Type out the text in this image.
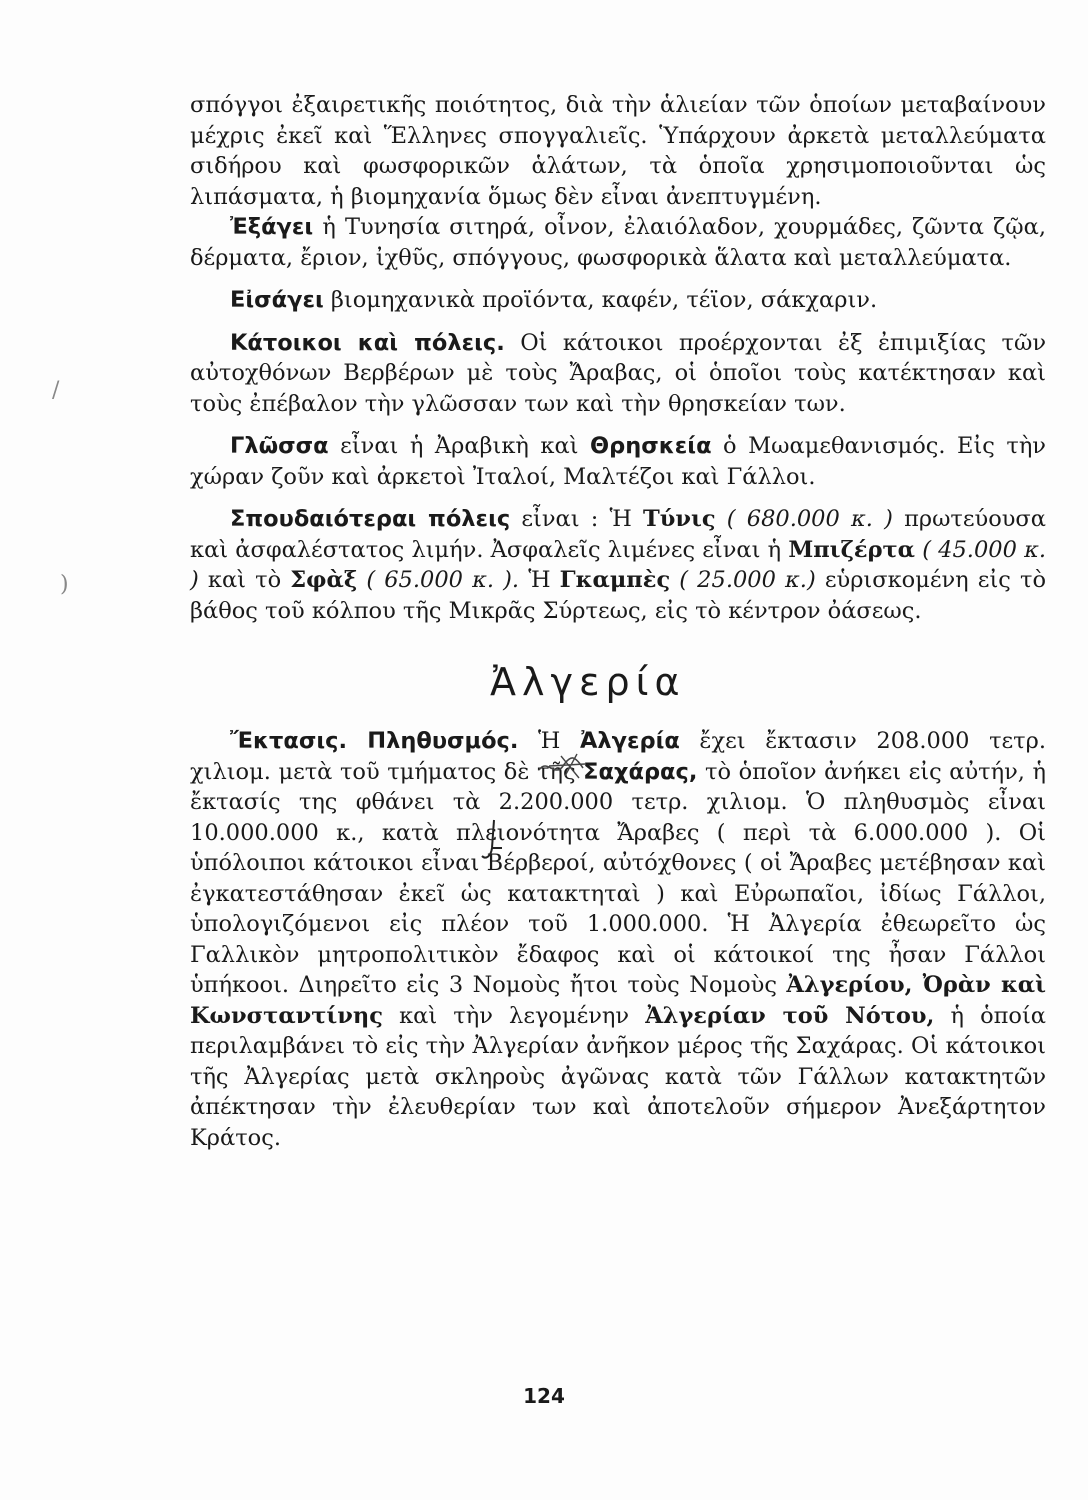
σπόγγοι ἐξαιρετικῆς ποιότητος, διὰ τὴν ἁλιείαν τῶν ὁποίων μεταβαίνουν μέχρις ἐκεῖ καὶ Ἕλληνες σπογγαλιεῖς. Ὑπάρχουν ἀρκετὰ μεταλλεύματα σιδήρου καὶ φωσφορικῶν ἁλάτων, τὰ ὁποῖα χρησιμοποιοῦνται ὡς λιπάσματα, ἡ βιομηχανία ὅμως δὲν εἶναι ἀνεπτυγμένη.

Ἐξάγει ἡ Τυνησία σιτηρά, οἶνον, ἐλαιόλαδον, χουρμάδες, ζῶντα ζῷα, δέρματα, ἔριον, ἰχθῦς, σπόγγους, φωσφορικὰ ἅλατα καὶ μεταλλεύματα.

Εἰσάγει βιομηχανικὰ προϊόντα, καφέν, τέϊον, σάκχαριν.

Κάτοικοι καὶ πόλεις. Οἱ κάτοικοι προέρχονται ἐξ ἐπιμιξίας τῶν αὐτοχθόνων Βερβέρων μὲ τοὺς Ἄραβας, οἱ ὁποῖοι τοὺς κατέκτησαν καὶ τοὺς ἐπέβαλον τὴν γλῶσσαν των καὶ τὴν θρησκείαν των.

Γλῶσσα εἶναι ἡ Ἀραβικὴ καὶ Θρησκεία ὁ Μωαμεθανισμός. Εἰς τὴν χώραν ζοῦν καὶ ἀρκετοὶ Ἰταλοί, Μαλτέζοι καὶ Γάλλοι.

Σπουδαιότεραι πόλεις εἶναι : Ἡ Τύνις ( 680.000 κ. ) πρωτεύουσα καὶ ἀσφαλέστατος λιμήν. Ἀσφαλεῖς λιμένες εἶναι ἡ Μπιζέρτα ( 45.000 κ. ) καὶ τὸ Σφὰξ ( 65.000 κ. ). Ἡ Γκαμπὲς ( 25.000 κ.) εὑρισκομένη εἰς τὸ βάθος τοῦ κόλπου τῆς Μικρᾶς Σύρτεως, εἰς τὸ κέντρον ὀάσεως.

Ἀλγερία

Ἔκτασις. Πληθυσμός. Ἡ Ἀλγερία ἔχει ἔκτασιν 208.000 τετρ. χιλιομ. μετὰ τοῦ τμήματος δὲ τῆς Σαχάρας, τὸ ὁποῖον ἀνήκει εἰς αὐτήν, ἡ ἔκτασίς της φθάνει τὰ 2.200.000 τετρ. χιλιομ. Ὁ πληθυσμὸς εἶναι 10.000.000 κ., κατὰ πλειονότητα Ἄραβες ( περὶ τὰ 6.000.000 ). Οἱ ὑπόλοιποι κάτοικοι εἶναι Βέρβεροί, αὐτόχθονες ( οἱ Ἄραβες μετέβησαν καὶ ἐγκατεστάθησαν ἐκεῖ ὡς κατακτηταὶ ) καὶ Εὐρωπαῖοι, ἰδίως Γάλλοι, ὑπολογιζόμενοι εἰς πλέον τοῦ 1.000.000. Ἡ Ἀλγερία ἐθεωρεῖτο ὡς Γαλλικὸν μητροπολιτικὸν ἔδαφος καὶ οἱ κάτοικοί της ἦσαν Γάλλοι ὑπήκοοι. Διηρεῖτο εἰς 3 Νομοὺς ἤτοι τοὺς Νομοὺς Ἀλγερίου, Ὀρὰν καὶ Κωνσταντίνης καὶ τὴν λεγομένην Ἀλγερίαν τοῦ Νότου, ἡ ὁποία περιλαμβάνει τὸ εἰς τὴν Ἀλγερίαν ἀνῆκον μέρος τῆς Σαχάρας. Οἱ κάτοικοι τῆς Ἀλγερίας μετὰ σκληροὺς ἀγῶνας κατὰ τῶν Γάλλων κατακτητῶν ἀπέκτησαν τὴν ἐλευθερίαν των καὶ ἀποτελοῦν σήμερον Ἀνεξάρτητον Κράτος.

/
)
124
